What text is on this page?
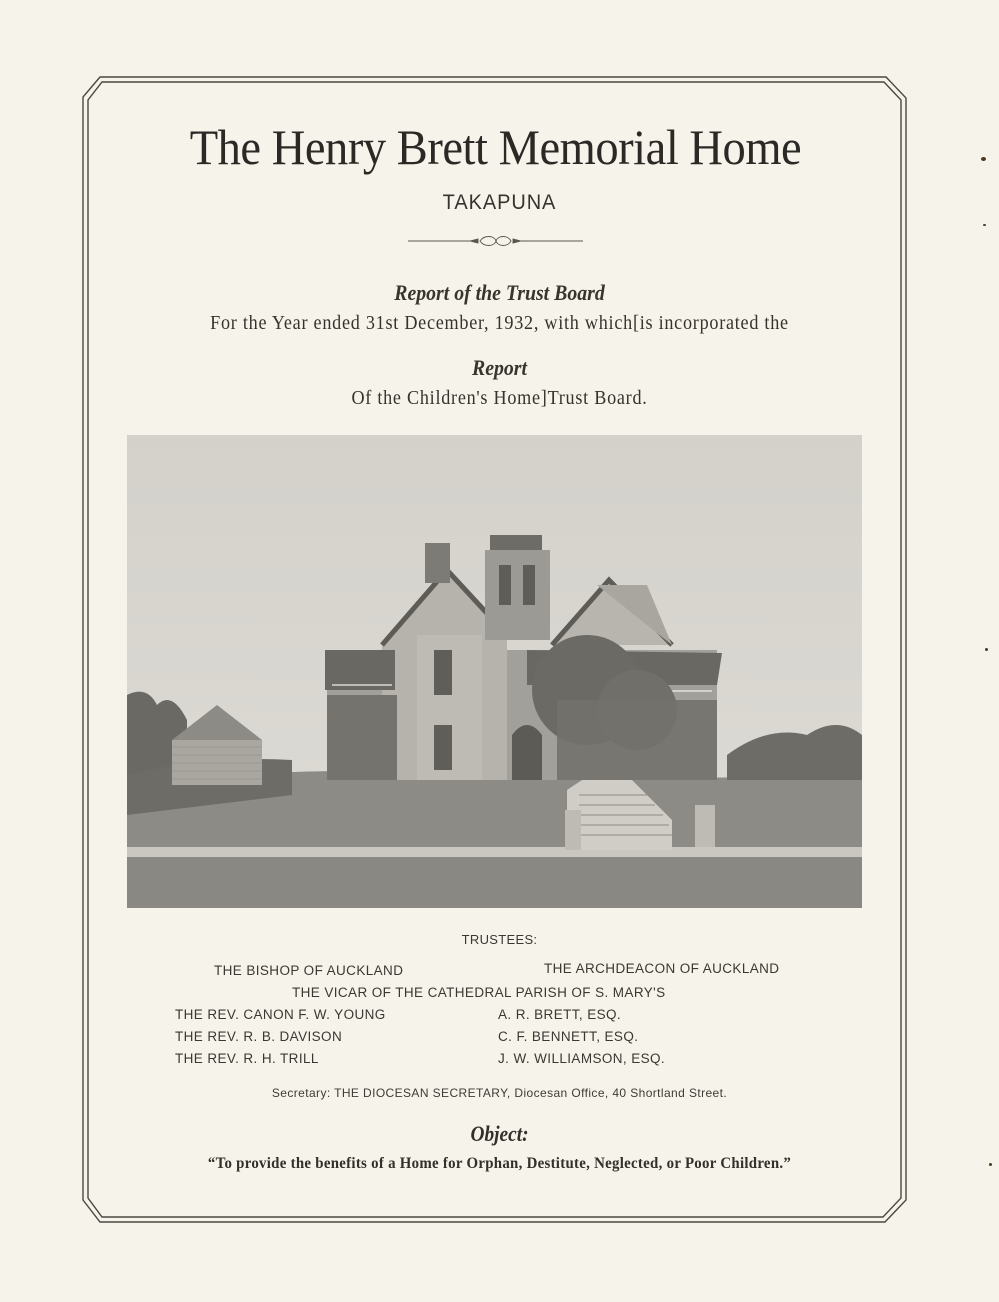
The Henry Brett Memorial Home
TAKAPUNA
Report of the Trust Board
For the Year ended 31st December, 1932, with which[is incorporated the
Report
Of the Children's Home]Trust Board.
TRUSTEES:
THE BISHOP OF AUCKLAND	THE ARCHDEACON OF AUCKLAND
THE VICAR OF THE CATHEDRAL PARISH OF S. MARY'S
THE REV. CANON F. W. YOUNG
THE REV. R. B. DAVISON
THE REV. R. H. TRILL
A. R. BRETT, ESQ.
C. F. BENNETT, ESQ.
J. W. WILLIAMSON, ESQ.
Secretary: THE DIOCESAN SECRETARY, Diocesan Office, 40 Shortland Street.
Object:
“To provide the benefits of a Home for Orphan, Destitute, Neglected, or Poor Children.”
